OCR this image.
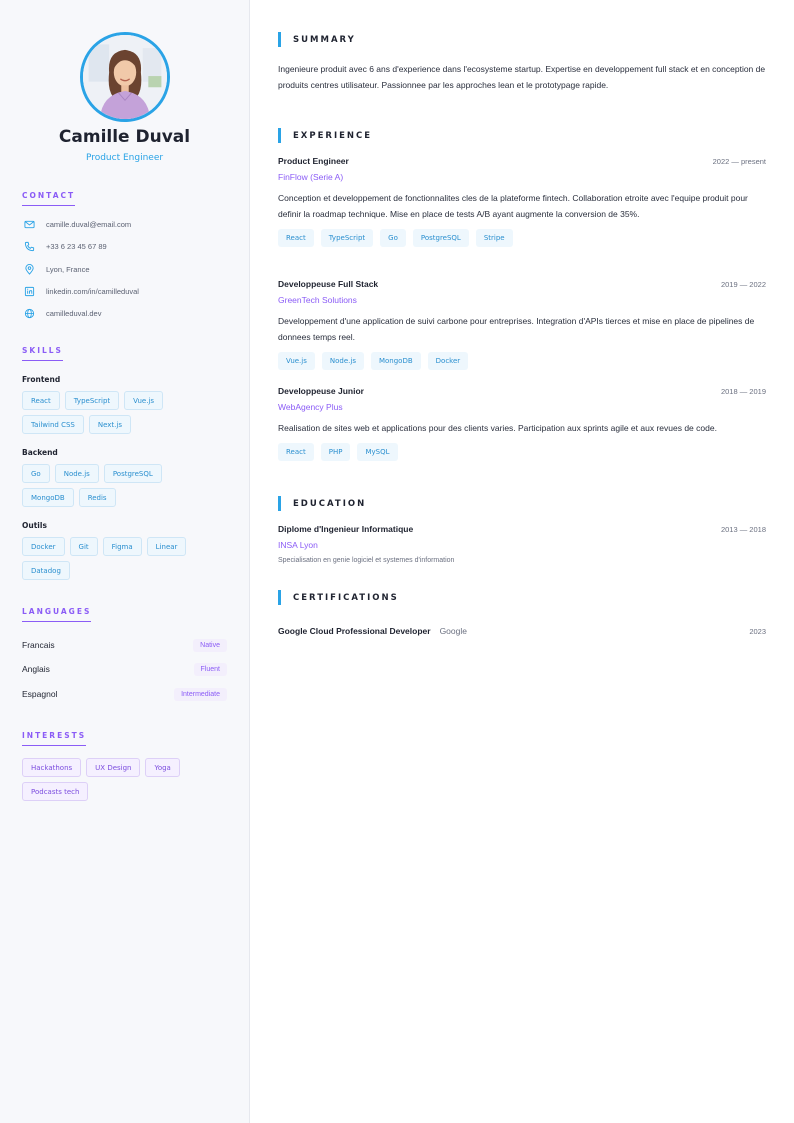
Camille Duval
Product Engineer
CONTACT
camille.duval@email.com
+33 6 23 45 67 89
Lyon, France
linkedin.com/in/camilleduval
camilleduval.dev
SKILLS
Frontend
React	TypeScript	Vue.js
Tailwind CSS	Next.js
Backend
Go	Node.js	PostgreSQL
MongoDB	Redis
Outils
Docker	Git	Figma	Linear
Datadog
LANGUAGES
Francais	Native
Anglais	Fluent
Espagnol	Intermediate
INTERESTS
Hackathons	UX Design	Yoga
Podcasts tech
SUMMARY

Ingenieure produit avec 6 ans d'experience dans l'ecosysteme startup. Expertise en developpement full stack et en conception de produits centres utilisateur. Passionnee par les approches lean et le prototypage rapide.

EXPERIENCE
Product Engineer	2022 — present
FinFlow (Serie A)
Conception et developpement de fonctionnalites cles de la plateforme fintech. Collaboration etroite avec l'equipe produit pour definir la roadmap technique. Mise en place de tests A/B ayant augmente la conversion de 35%.
React	TypeScript	Go	PostgreSQL	Stripe
Developpeuse Full Stack	2019 — 2022
GreenTech Solutions
Developpement d'une application de suivi carbone pour entreprises. Integration d'APIs tierces et mise en place de pipelines de donnees temps reel.
Vue.js	Node.js	MongoDB	Docker
Developpeuse Junior	2018 — 2019
WebAgency Plus
Realisation de sites web et applications pour des clients varies. Participation aux sprints agile et aux revues de code.
React	PHP	MySQL
EDUCATION
Diplome d'Ingenieur Informatique	2013 — 2018
INSA Lyon
Specialisation en genie logiciel et systemes d'information
CERTIFICATIONS
Google Cloud Professional Developer Google	2023
